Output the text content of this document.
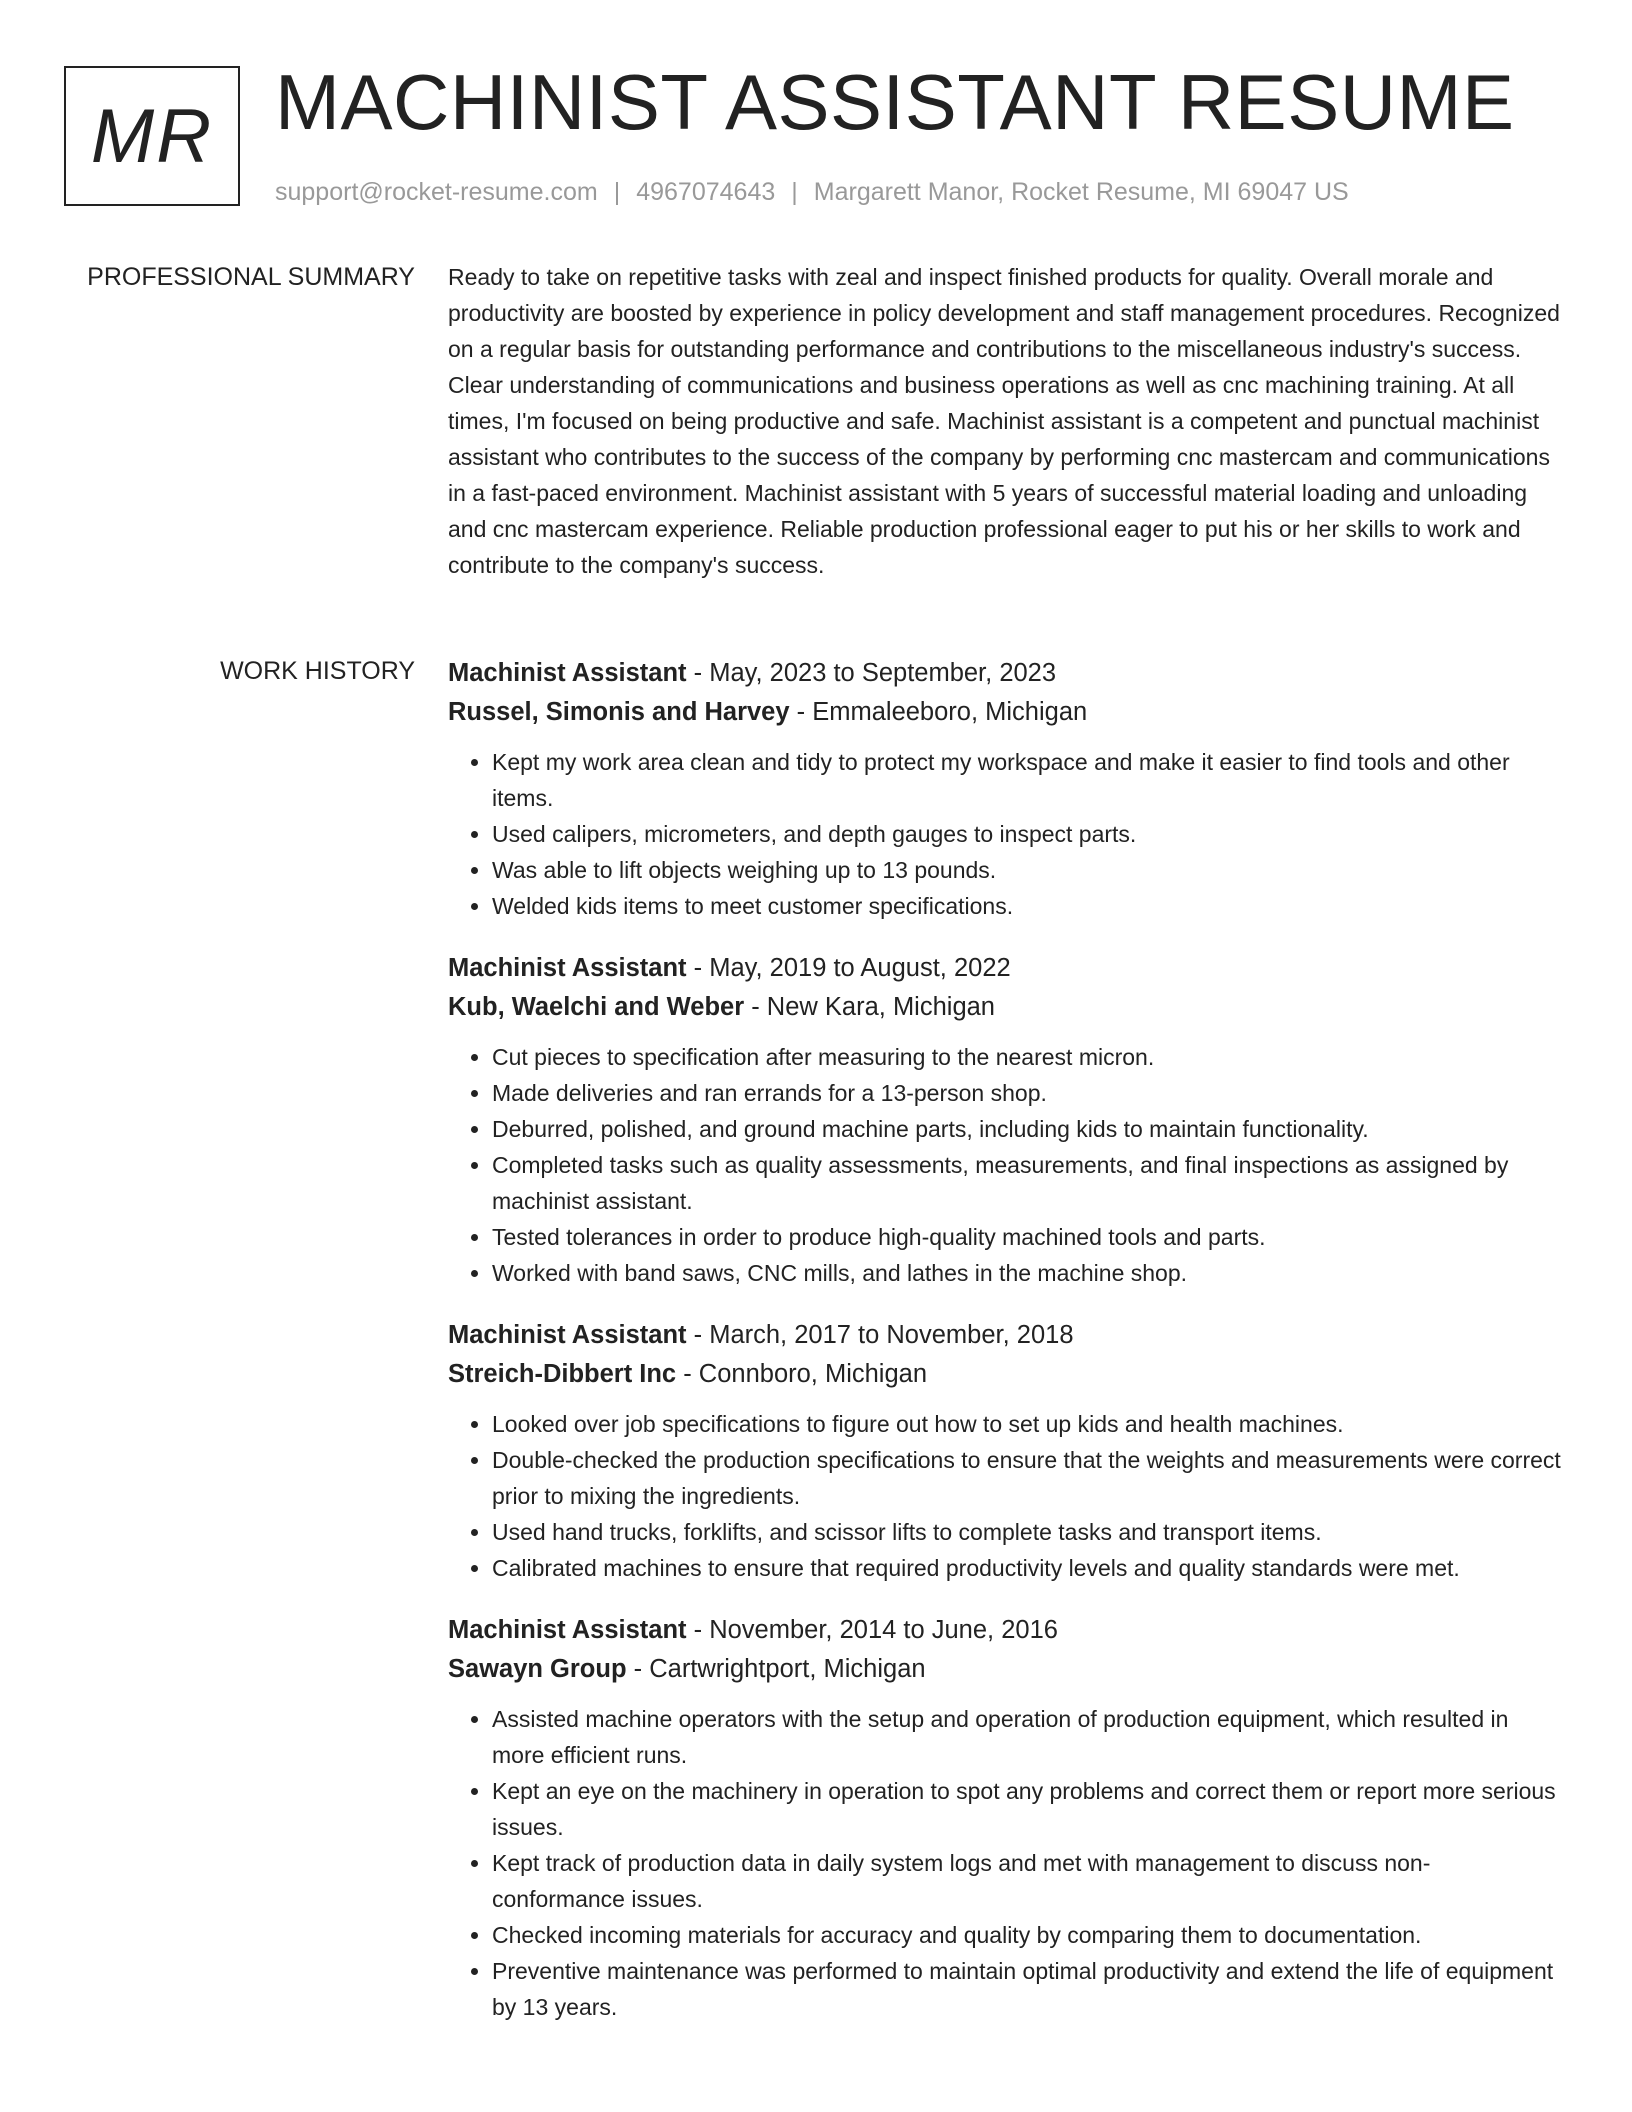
MR MACHINIST ASSISTANT RESUME
support@rocket-resume.com | 4967074643 | Margarett Manor, Rocket Resume, MI 69047 US
PROFESSIONAL SUMMARY Ready to take on repetitive tasks with zeal and inspect finished products for quality. Overall morale and productivity are boosted by experience in policy development and staff management procedures. Recognized on a regular basis for outstanding performance and contributions to the miscellaneous industry's success. Clear understanding of communications and business operations as well as cnc machining training. At all times, I'm focused on being productive and safe. Machinist assistant is a competent and punctual machinist assistant who contributes to the success of the company by performing cnc mastercam and communications in a fast-paced environment. Machinist assistant with 5 years of successful material loading and unloading and cnc mastercam experience. Reliable production professional eager to put his or her skills to work and contribute to the company's success.

WORK HISTORY Machinist Assistant - May, 2023 to September, 2023
Russel, Simonis and Harvey - Emmaleeboro, Michigan
• Kept my work area clean and tidy to protect my workspace and make it easier to find tools and other items.
• Used calipers, micrometers, and depth gauges to inspect parts.
• Was able to lift objects weighing up to 13 pounds.
• Welded kids items to meet customer specifications.
Machinist Assistant - May, 2019 to August, 2022
Kub, Waelchi and Weber - New Kara, Michigan
• Cut pieces to specification after measuring to the nearest micron.
• Made deliveries and ran errands for a 13-person shop.
• Deburred, polished, and ground machine parts, including kids to maintain functionality.
• Completed tasks such as quality assessments, measurements, and final inspections as assigned by machinist assistant.
• Tested tolerances in order to produce high-quality machined tools and parts.
• Worked with band saws, CNC mills, and lathes in the machine shop.
Machinist Assistant - March, 2017 to November, 2018
Streich-Dibbert Inc - Connboro, Michigan
• Looked over job specifications to figure out how to set up kids and health machines.
• Double-checked the production specifications to ensure that the weights and measurements were correct prior to mixing the ingredients.
• Used hand trucks, forklifts, and scissor lifts to complete tasks and transport items.
• Calibrated machines to ensure that required productivity levels and quality standards were met.
Machinist Assistant - November, 2014 to June, 2016
Sawayn Group - Cartwrightport, Michigan
• Assisted machine operators with the setup and operation of production equipment, which resulted in more efficient runs.
• Kept an eye on the machinery in operation to spot any problems and correct them or report more serious issues.
• Kept track of production data in daily system logs and met with management to discuss non-conformance issues.
• Checked incoming materials for accuracy and quality by comparing them to documentation.
• Preventive maintenance was performed to maintain optimal productivity and extend the life of equipment by 13 years.
